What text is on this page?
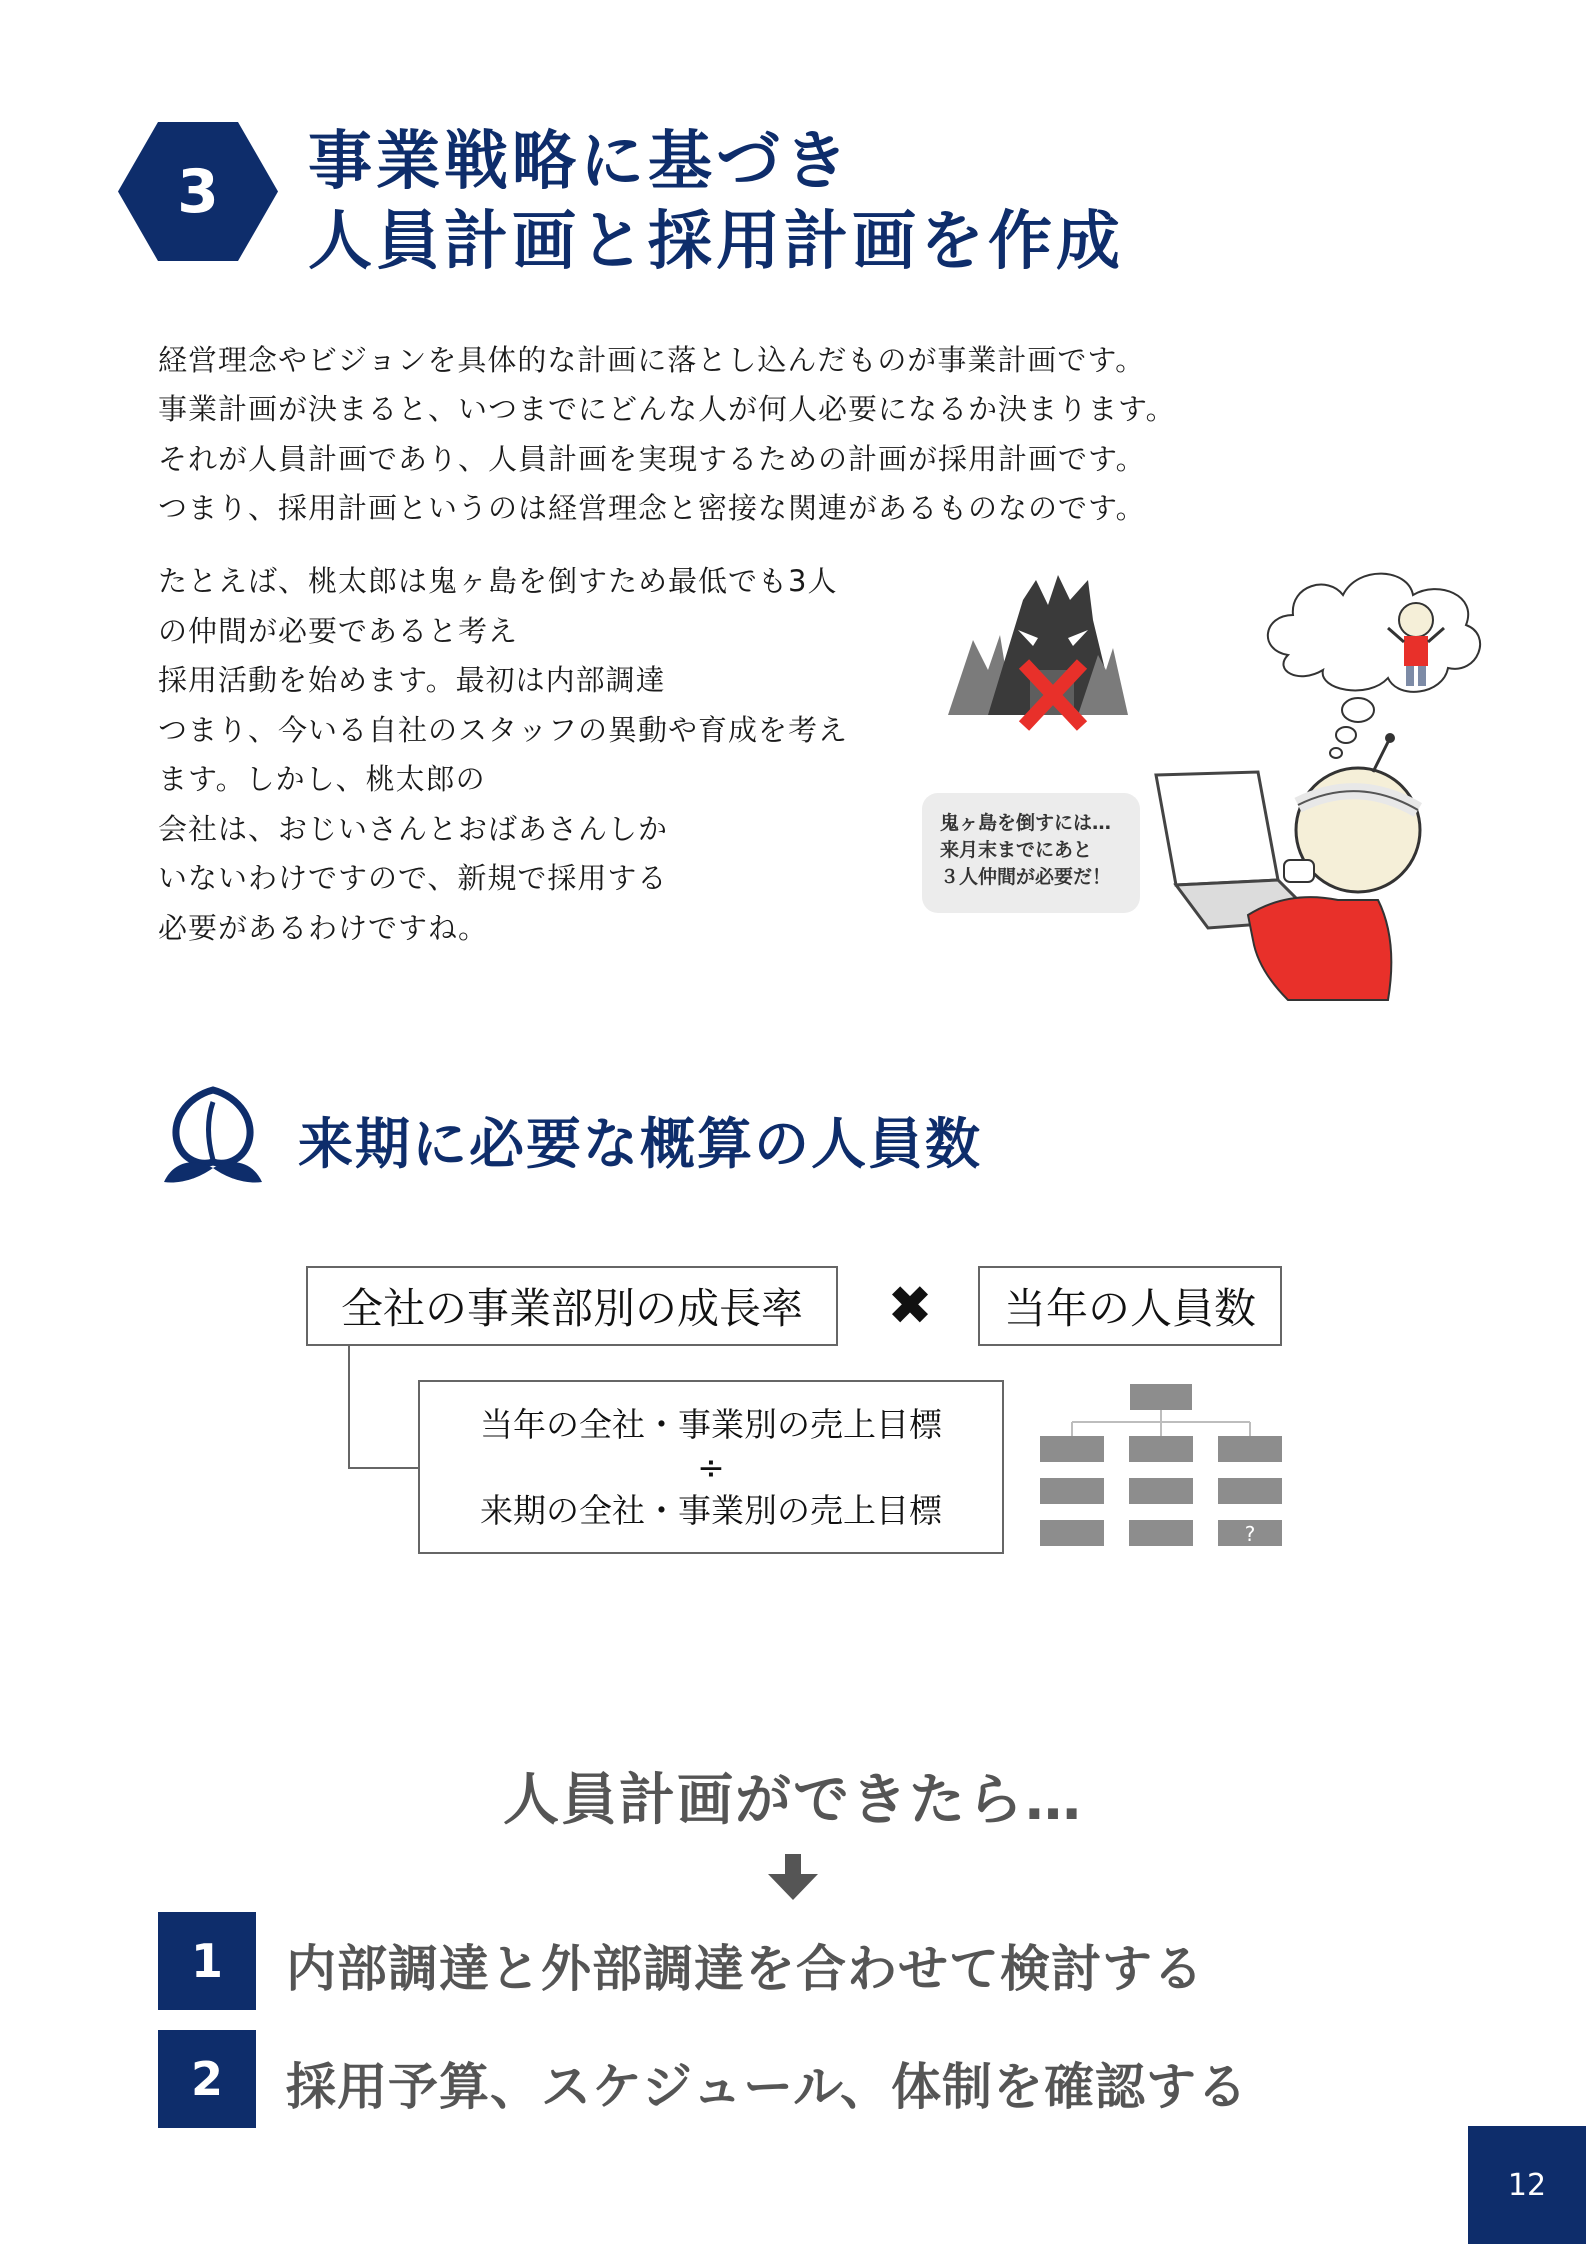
3	事業戦略に基づき
人員計画と採用計画を作成
経営理念やビジョンを具体的な計画に落とし込んだものが事業計画です。
事業計画が決まると、いつまでにどんな人が何人必要になるか決まります。
それが人員計画であり、人員計画を実現するための計画が採用計画です。
つまり、採用計画というのは経営理念と密接な関連があるものなのです。
たとえば、桃太郎は鬼ヶ島を倒すため最低でも3人
の仲間が必要であると考え
採用活動を始めます。最初は内部調達
つまり、今いる自社のスタッフの異動や育成を考え
ます。しかし、桃太郎の
会社は、おじいさんとおばあさんしか
いないわけですので、新規で採用する
必要があるわけですね。
鬼ヶ島を倒すには…
来月末までにあと
３人仲間が必要だ！
来期に必要な概算の人員数
全社の事業部別の成長率	✖	当年の人員数
当年の全社・事業別の売上目標
÷
来期の全社・事業別の売上目標
?
人員計画ができたら…
1	内部調達と外部調達を合わせて検討する
2	採用予算、スケジュール、体制を確認する
12
